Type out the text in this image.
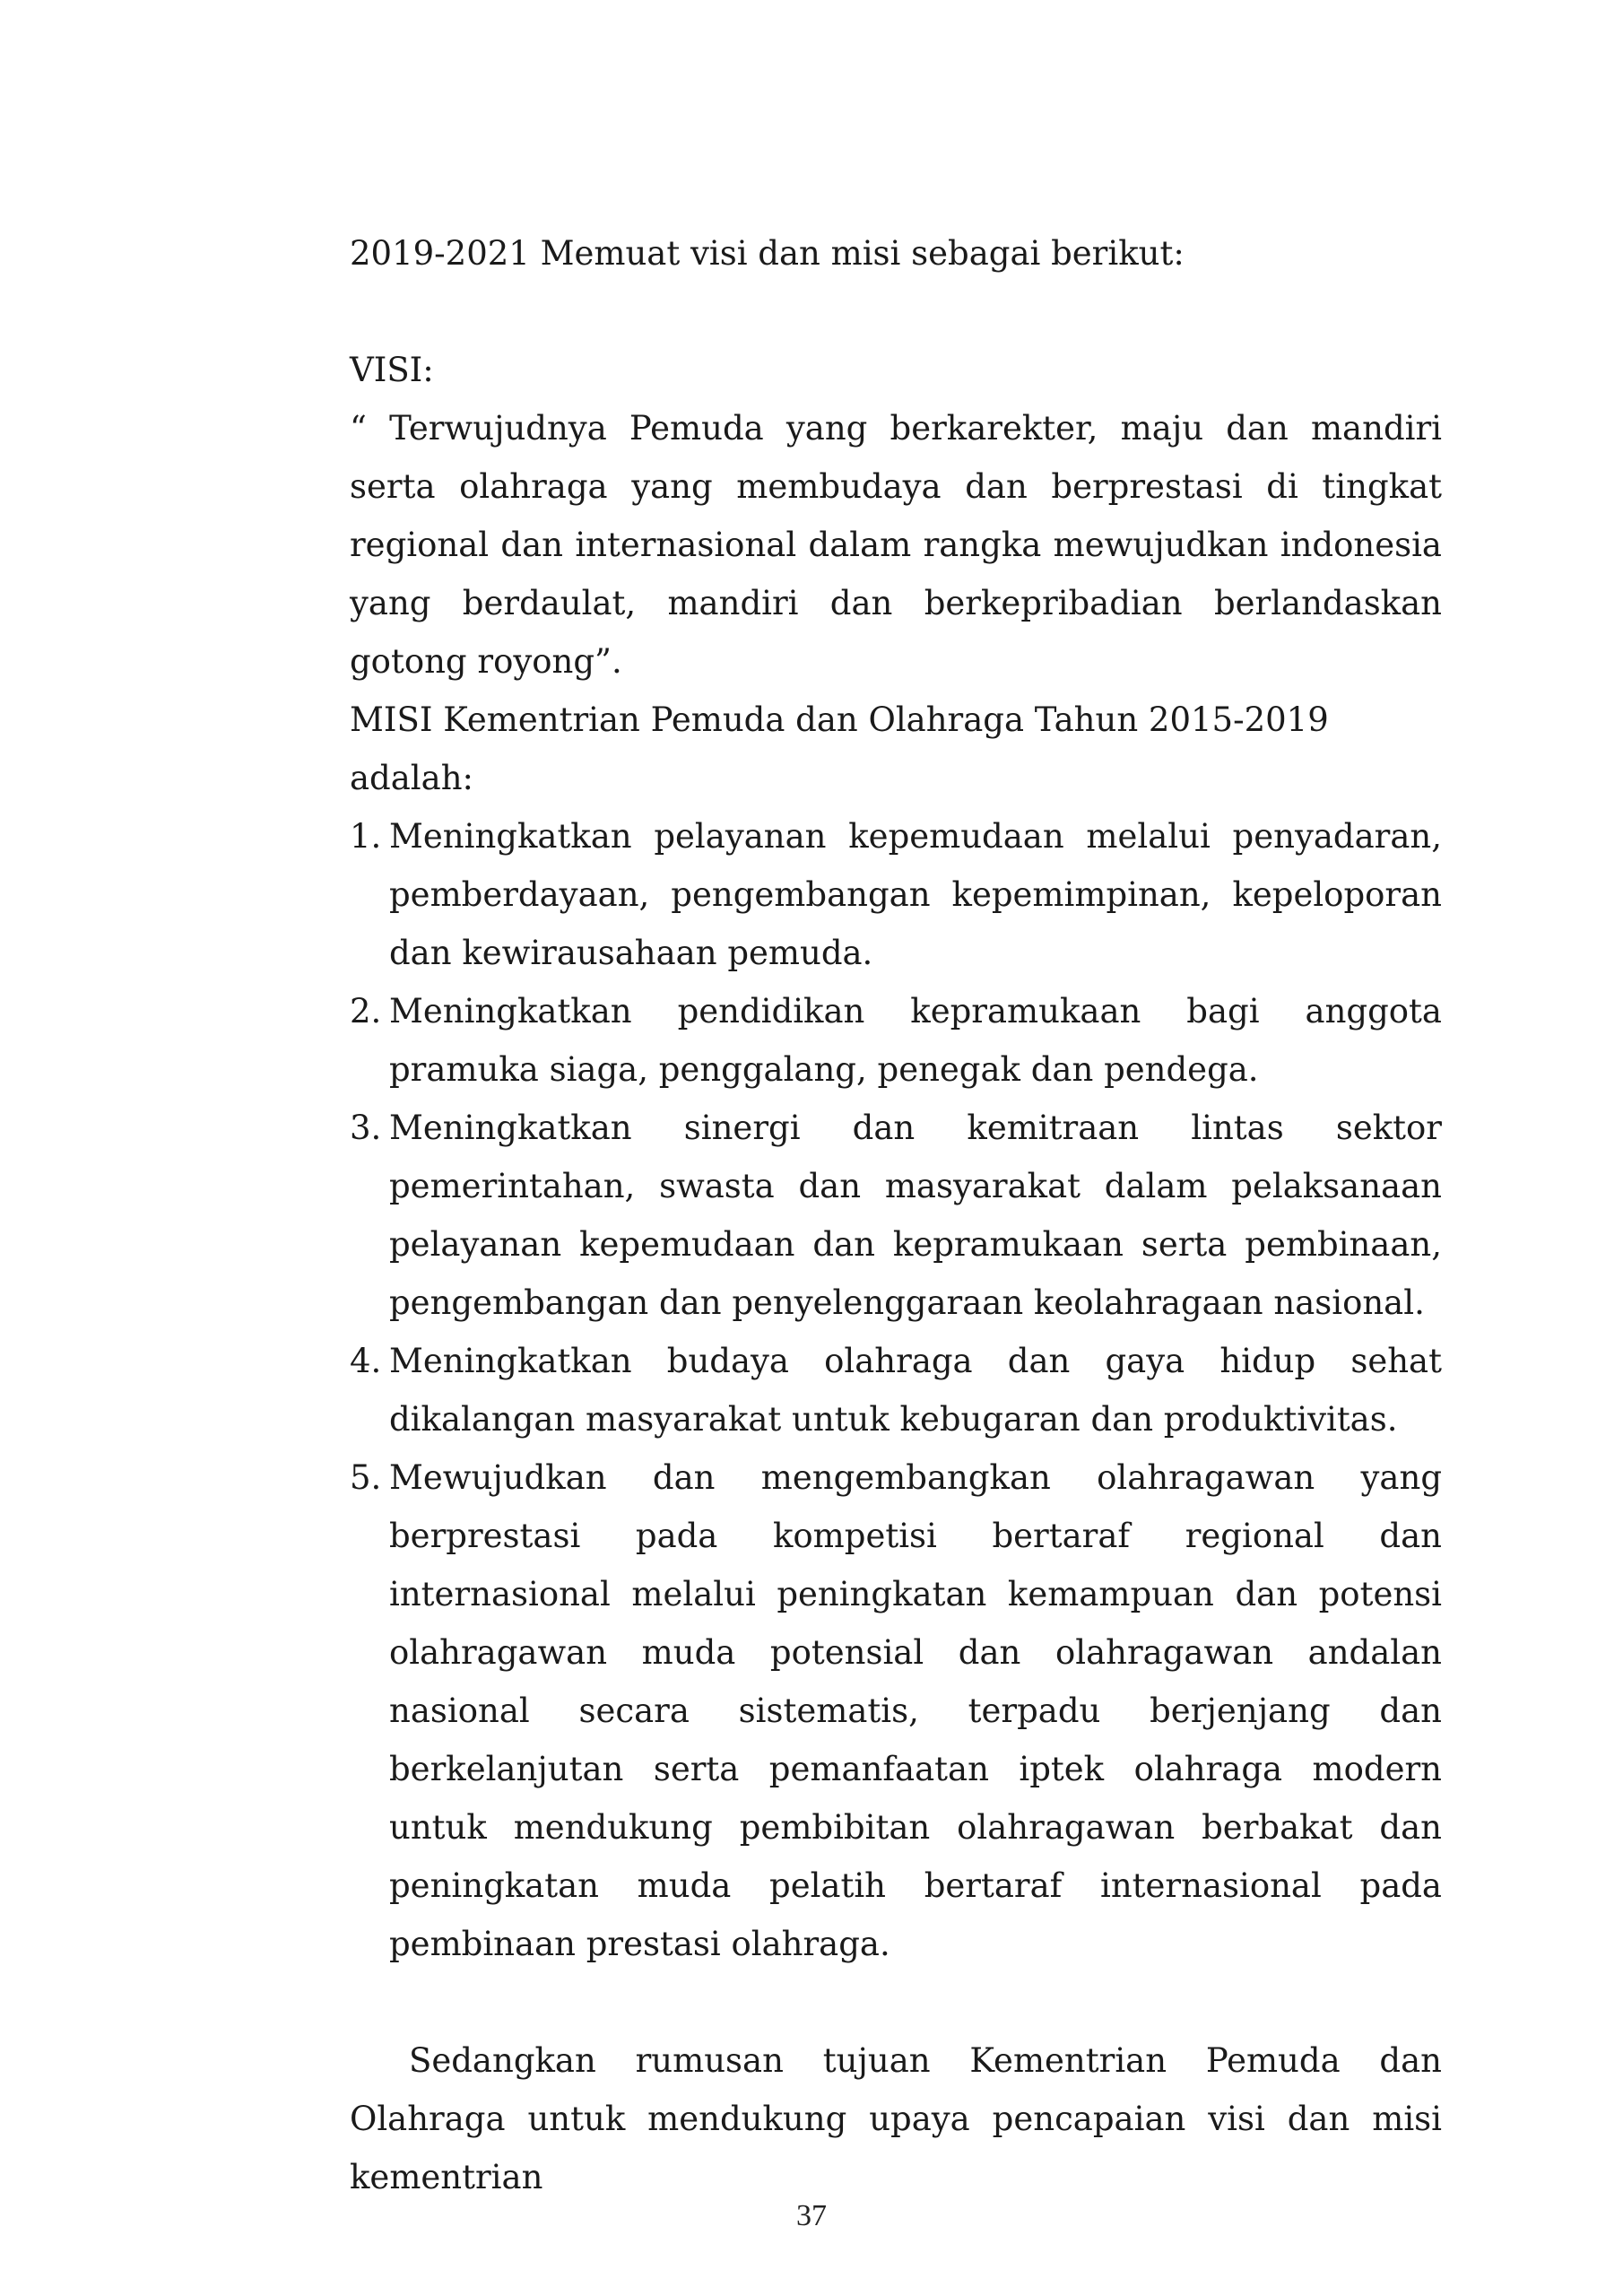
2019-2021 Memuat visi dan misi sebagai berikut:

VISI:

“ Terwujudnya Pemuda yang berkarekter, maju dan mandiri serta olahraga yang membudaya dan berprestasi di tingkat regional dan internasional dalam rangka mewujudkan indonesia yang berdaulat, mandiri dan berkepribadian berlandaskan gotong royong”.

MISI Kementrian Pemuda dan Olahraga Tahun 2015-2019 adalah:

1. Meningkatkan pelayanan kepemudaan melalui penyadaran, pemberdayaan, pengembangan kepemimpinan, kepeloporan dan kewirausahaan pemuda.
2. Meningkatkan pendidikan kepramukaan bagi anggota pramuka siaga, penggalang, penegak dan pendega.
3. Meningkatkan sinergi dan kemitraan lintas sektor pemerintahan, swasta dan masyarakat dalam pelaksanaan pelayanan kepemudaan dan kepramukaan serta pembinaan, pengembangan dan penyelenggaraan keolahragaan nasional.
4. Meningkatkan budaya olahraga dan gaya hidup sehat dikalangan masyarakat untuk kebugaran dan produktivitas.
5. Mewujudkan dan mengembangkan olahragawan yang berprestasi pada kompetisi bertaraf regional dan internasional melalui peningkatan kemampuan dan potensi olahragawan muda potensial dan olahragawan andalan nasional secara sistematis, terpadu berjenjang dan berkelanjutan serta pemanfaatan iptek olahraga modern untuk mendukung pembibitan olahragawan berbakat dan peningkatan muda pelatih bertaraf internasional pada pembinaan prestasi olahraga.

Sedangkan rumusan tujuan Kementrian Pemuda dan Olahraga untuk mendukung upaya pencapaian visi dan misi kementrian

37
